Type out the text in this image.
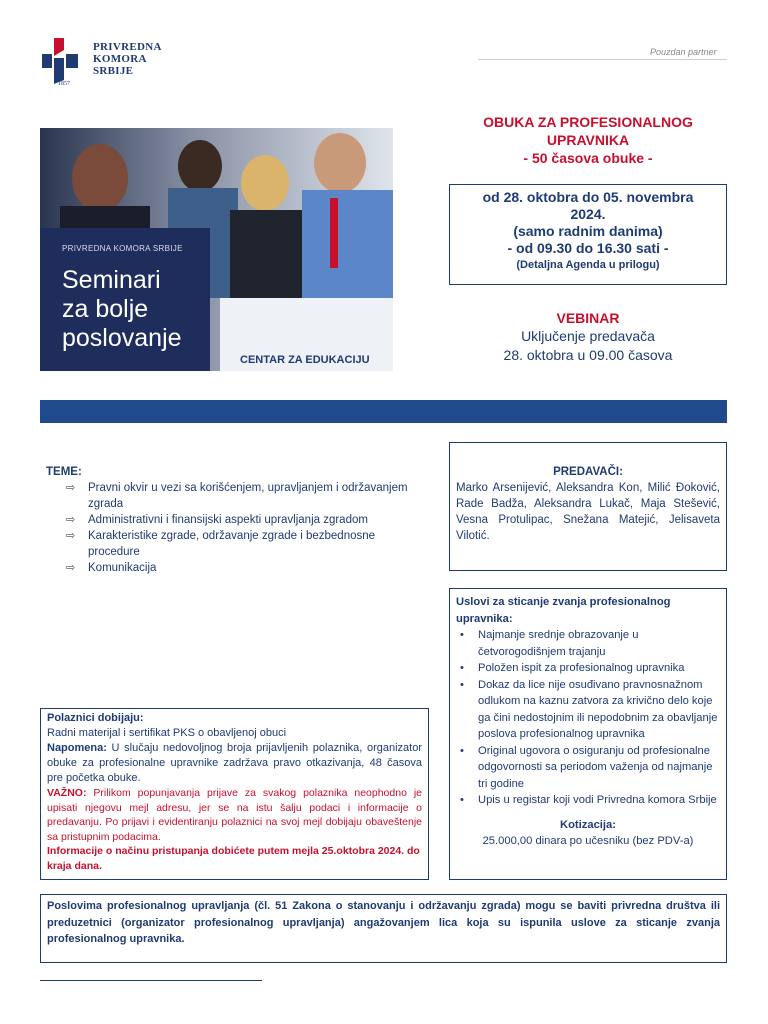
1857
PRIVREDNA
KOMORA
SRBIJE
Pouzdan partner
PRIVREDNA KOMORA SRBIJE
Seminari
za bolje
poslovanje
CENTAR ZA EDUKACIJU
OBUKA ZA PROFESIONALNOG
UPRAVNIKA
- 50 časova obuke -
od 28. oktobra do 05. novembra
2024.
(samo radnim danima)
- od 09.30 do 16.30 sati -
(Detaljna Agenda u prilogu)
VEBINAR
Uključenje predavača
28. oktobra u 09.00 časova
TEME:
⇨ Pravni okvir u vezi sa korišćenjem, upravljanjem i održavanjem zgrada
⇨ Administrativni i finansijski aspekti upravljanja zgradom
⇨ Karakteristike zgrade, održavanje zgrade i bezbednosne procedure
⇨ Komunikacija
PREDAVAČI:
Marko Arsenijević, Aleksandra Kon, Milić Đoković, Rade Badža, Aleksandra Lukač, Maja Stešević, Vesna Protulipac, Snežana Matejić, Jelisaveta Vilotić.
Uslovi za sticanje zvanja profesionalnog upravnika:
• Najmanje srednje obrazovanje u četvorogodišnjem trajanju
• Položen ispit za profesionalnog upravnika
• Dokaz da lice nije osuđivano pravnosnažnom odlukom na kaznu zatvora za krivično delo koje ga čini nedostojnim ili nepodobnim za obavljanje poslova profesionalnog upravnika
• Original ugovora o osiguranju od profesionalne odgovornosti sa periodom važenja od najmanje tri godine
• Upis u registar koji vodi Privredna komora Srbije
Kotizacija:
25.000,00 dinara po učesniku (bez PDV-a)
Polaznici dobijaju:
Radni materijal i sertifikat PKS o obavljenoj obuci
Napomena: U slučaju nedovoljnog broja prijavljenih polaznika, organizator obuke za profesionalne upravnike zadržava pravo otkazivanja, 48 časova pre početka obuke.
VAŽNO: Prilikom popunjavanja prijave za svakog polaznika neophodno je upisati njegovu mejl adresu, jer se na istu šalju podaci i informacije o predavanju. Po prijavi i evidentiranju polaznici na svoj mejl dobijaju obaveštenje sa pristupnim podacima.
Informacije o načinu pristupanja dobićete putem mejla 25.oktobra 2024. do kraja dana.
Poslovima profesionalnog upravljanja (čl. 51 Zakona o stanovanju i održavanju zgrada) mogu se baviti privredna društva ili preduzetnici (organizator profesionalnog upravljanja) angažovanjem lica koja su ispunila uslove za sticanje zvanja profesionalnog upravnika.
